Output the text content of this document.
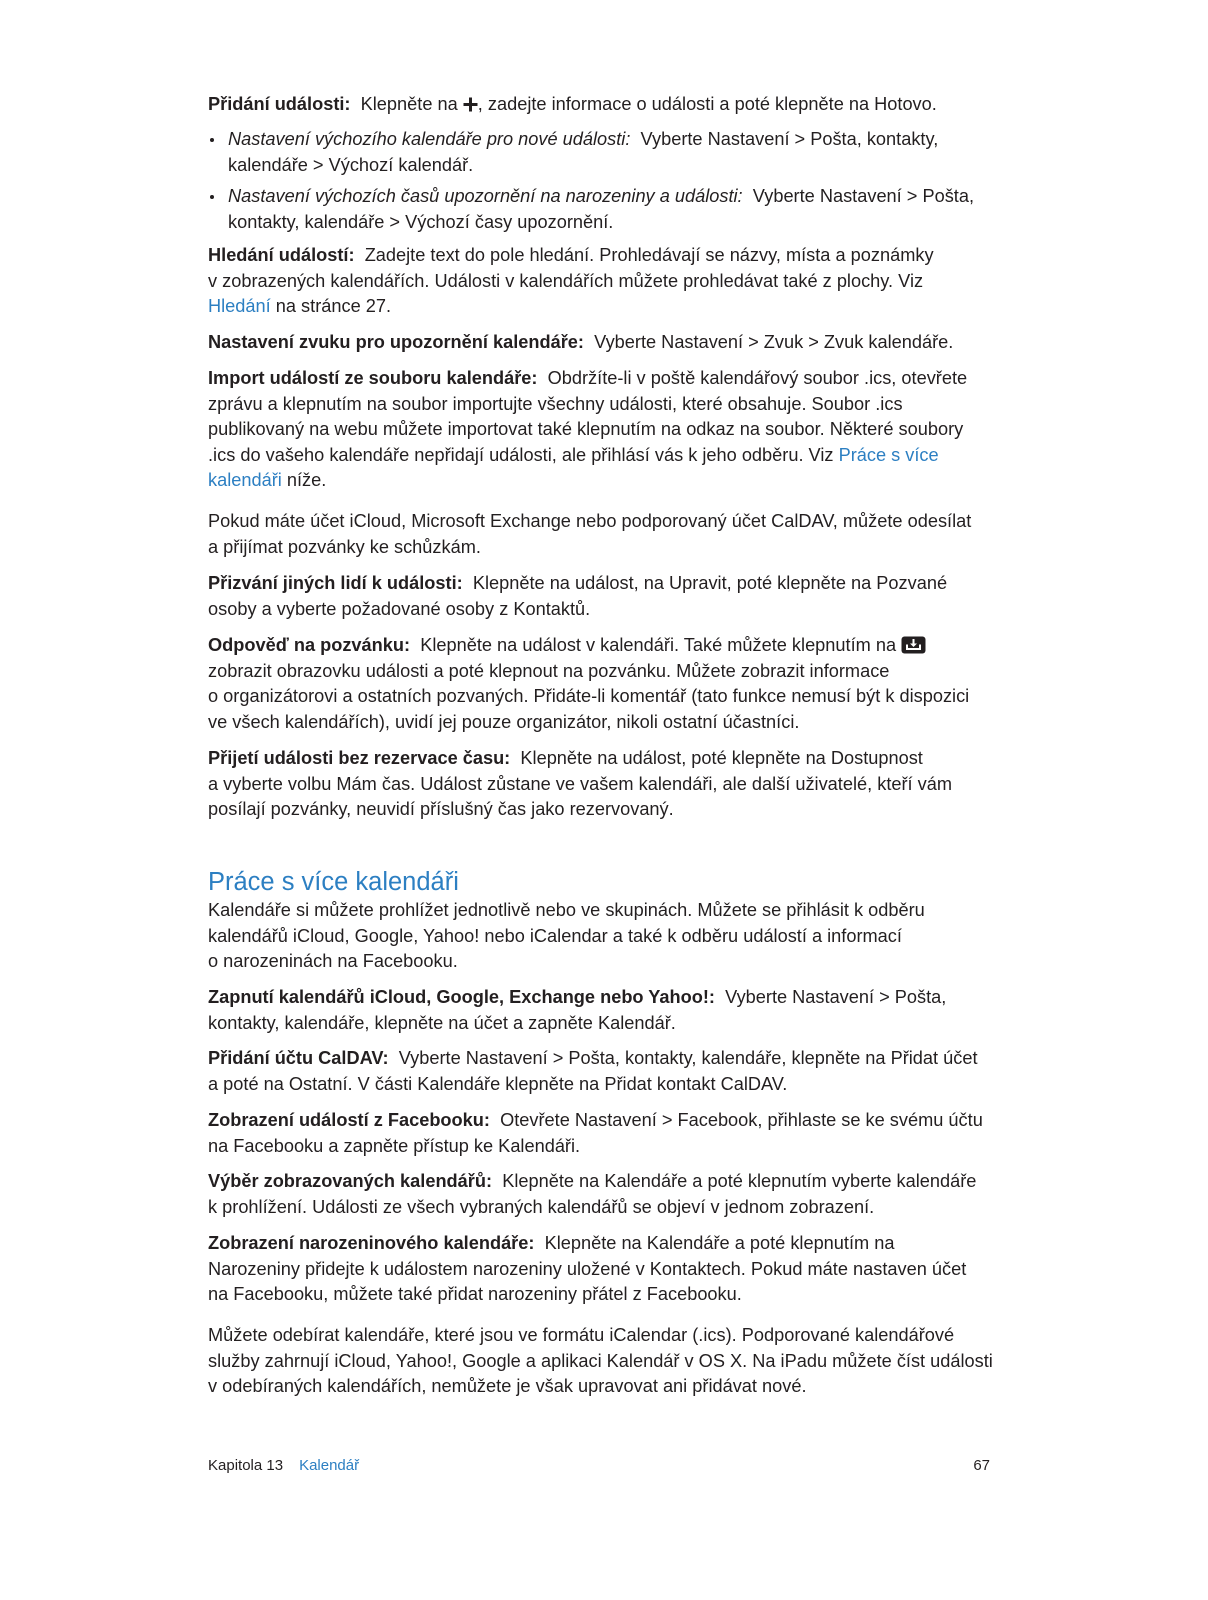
Přidání události: Klepněte na , zadejte informace o události a poté klepněte na Hotovo.
Nastavení výchozího kalendáře pro nové události: Vyberte Nastavení > Pošta, kontakty,
kalendáře > Výchozí kalendář.
Nastavení výchozích časů upozornění na narozeniny a události: Vyberte Nastavení > Pošta,
kontakty, kalendáře > Výchozí časy upozornění.
Hledání událostí: Zadejte text do pole hledání. Prohledávají se názvy, místa a poznámky
v zobrazených kalendářích. Události v kalendářích můžete prohledávat také z plochy. Viz
Hledání na stránce 27.
Nastavení zvuku pro upozornění kalendáře: Vyberte Nastavení > Zvuk > Zvuk kalendáře.
Import událostí ze souboru kalendáře: Obdržíte-li v poště kalendářový soubor .ics, otevřete
zprávu a klepnutím na soubor importujte všechny události, které obsahuje. Soubor .ics
publikovaný na webu můžete importovat také klepnutím na odkaz na soubor. Některé soubory
.ics do vašeho kalendáře nepřidají události, ale přihlásí vás k jeho odběru. Viz Práce s více
kalendáři níže.
Pokud máte účet iCloud, Microsoft Exchange nebo podporovaný účet CalDAV, můžete odesílat
a přijímat pozvánky ke schůzkám.
Přizvání jiných lidí k události: Klepněte na událost, na Upravit, poté klepněte na Pozvané
osoby a vyberte požadované osoby z Kontaktů.
Odpověď na pozvánku: Klepněte na událost v kalendáři. Také můžete klepnutím na
zobrazit obrazovku události a poté klepnout na pozvánku. Můžete zobrazit informace
o organizátorovi a ostatních pozvaných. Přidáte-li komentář (tato funkce nemusí být k dispozici
ve všech kalendářích), uvidí jej pouze organizátor, nikoli ostatní účastníci.
Přijetí události bez rezervace času: Klepněte na událost, poté klepněte na Dostupnost
a vyberte volbu Mám čas. Událost zůstane ve vašem kalendáři, ale další uživatelé, kteří vám
posílají pozvánky, neuvidí příslušný čas jako rezervovaný.
Práce s více kalendáři
Kalendáře si můžete prohlížet jednotlivě nebo ve skupinách. Můžete se přihlásit k odběru
kalendářů iCloud, Google, Yahoo! nebo iCalendar a také k odběru událostí a informací
o narozeninách na Facebooku.
Zapnutí kalendářů iCloud, Google, Exchange nebo Yahoo!: Vyberte Nastavení > Pošta,
kontakty, kalendáře, klepněte na účet a zapněte Kalendář.
Přidání účtu CalDAV: Vyberte Nastavení > Pošta, kontakty, kalendáře, klepněte na Přidat účet
a poté na Ostatní. V části Kalendáře klepněte na Přidat kontakt CalDAV.
Zobrazení událostí z Facebooku: Otevřete Nastavení > Facebook, přihlaste se ke svému účtu
na Facebooku a zapněte přístup ke Kalendáři.
Výběr zobrazovaných kalendářů: Klepněte na Kalendáře a poté klepnutím vyberte kalendáře
k prohlížení. Události ze všech vybraných kalendářů se objeví v jednom zobrazení.
Zobrazení narozeninového kalendáře: Klepněte na Kalendáře a poté klepnutím na
Narozeniny přidejte k událostem narozeniny uložené v Kontaktech. Pokud máte nastaven účet
na Facebooku, můžete také přidat narozeniny přátel z Facebooku.
Můžete odebírat kalendáře, které jsou ve formátu iCalendar (.ics). Podporované kalendářové
služby zahrnují iCloud, Yahoo!, Google a aplikaci Kalendář v OS X. Na iPadu můžete číst události
v odebíraných kalendářích, nemůžete je však upravovat ani přidávat nové.
Kapitola 13 Kalendář	67
